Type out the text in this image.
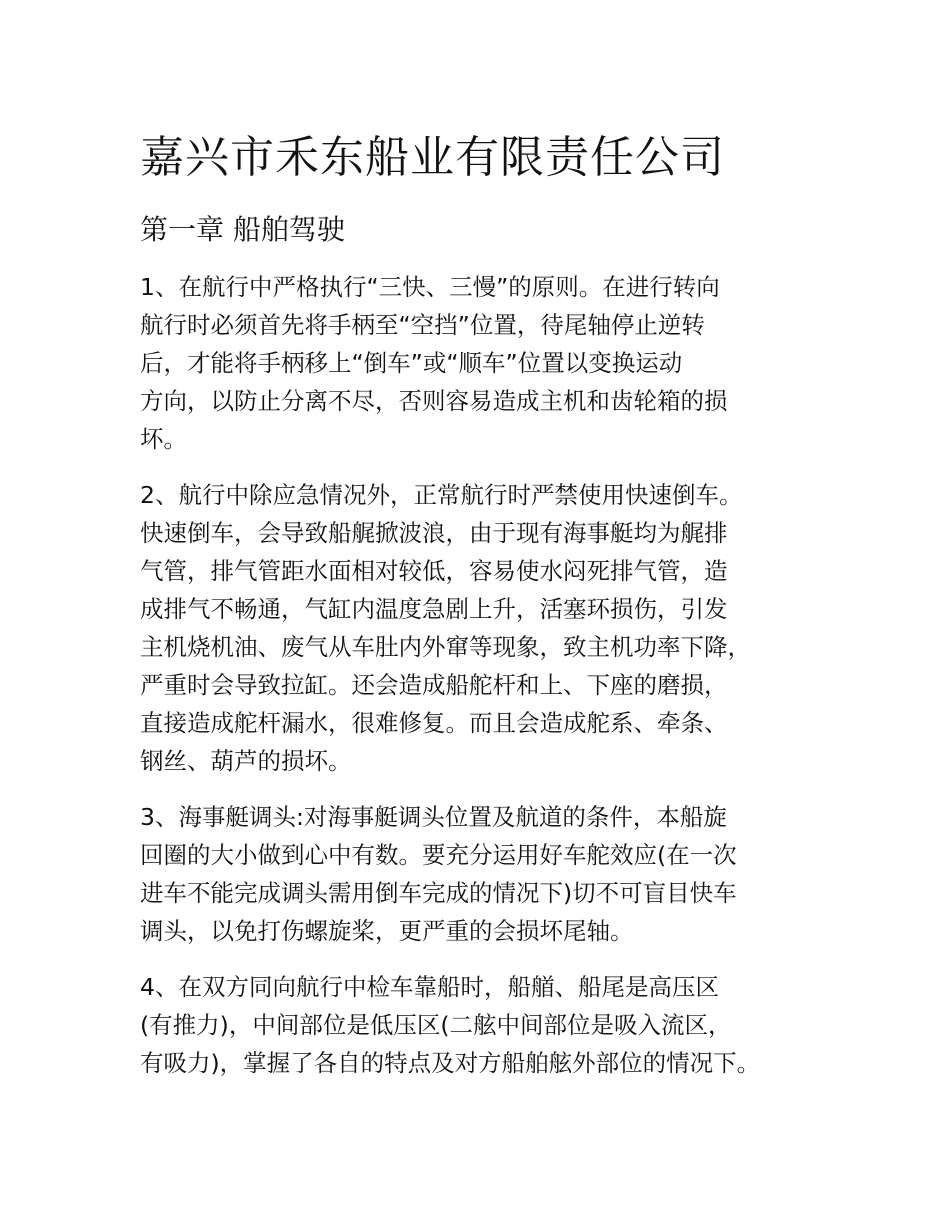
嘉兴市禾东船业有限责任公司
第一章 船舶驾驶
1、在航行中严格执行“三快、三慢”的原则。在进行转向
航行时必须首先将手柄至“空挡”位置，待尾轴停止逆转
后，才能将手柄移上“倒车”或“顺车”位置以变换运动
方向，以防止分离不尽，否则容易造成主机和齿轮箱的损
坏。
2、航行中除应急情况外，正常航行时严禁使用快速倒车。
快速倒车，会导致船艉掀波浪，由于现有海事艇均为艉排
气管，排气管距水面相对较低，容易使水闷死排气管，造
成排气不畅通，气缸内温度急剧上升，活塞环损伤，引发
主机烧机油、废气从车肚内外窜等现象，致主机功率下降，
严重时会导致拉缸。还会造成船舵杆和上、下座的磨损，
直接造成舵杆漏水，很难修复。而且会造成舵系、牵条、
钢丝、葫芦的损坏。
3、海事艇调头:对海事艇调头位置及航道的条件，本船旋
回圈的大小做到心中有数。要充分运用好车舵效应(在一次
进车不能完成调头需用倒车完成的情况下)切不可盲目快车
调头，以免打伤螺旋桨，更严重的会损坏尾轴。
4、在双方同向航行中检车靠船时，船艏、船尾是高压区
(有推力)，中间部位是低压区(二舷中间部位是吸入流区，
有吸力)，掌握了各自的特点及对方船舶舷外部位的情况下。
